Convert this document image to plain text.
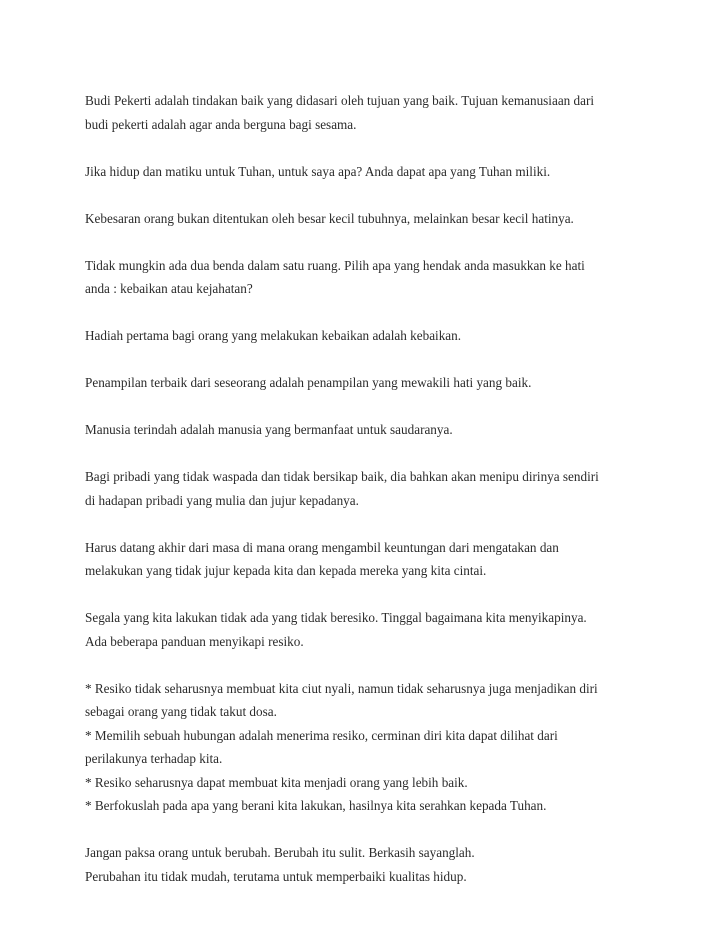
Budi Pekerti adalah tindakan baik yang didasari oleh tujuan yang baik. Tujuan kemanusiaan dari
budi pekerti adalah agar anda berguna bagi sesama.

Jika hidup dan matiku untuk Tuhan, untuk saya apa? Anda dapat apa yang Tuhan miliki.

Kebesaran orang bukan ditentukan oleh besar kecil tubuhnya, melainkan besar kecil hatinya.

Tidak mungkin ada dua benda dalam satu ruang. Pilih apa yang hendak anda masukkan ke hati
anda : kebaikan atau kejahatan?

Hadiah pertama bagi orang yang melakukan kebaikan adalah kebaikan.

Penampilan terbaik dari seseorang adalah penampilan yang mewakili hati yang baik.

Manusia terindah adalah manusia yang bermanfaat untuk saudaranya.

Bagi pribadi yang tidak waspada dan tidak bersikap baik, dia bahkan akan menipu dirinya sendiri
di hadapan pribadi yang mulia dan jujur kepadanya.

Harus datang akhir dari masa di mana orang mengambil keuntungan dari mengatakan dan
melakukan yang tidak jujur kepada kita dan kepada mereka yang kita cintai.

Segala yang kita lakukan tidak ada yang tidak beresiko. Tinggal bagaimana kita menyikapinya.
Ada beberapa panduan menyikapi resiko.

* Resiko tidak seharusnya membuat kita ciut nyali, namun tidak seharusnya juga menjadikan diri
sebagai orang yang tidak takut dosa.
* Memilih sebuah hubungan adalah menerima resiko, cerminan diri kita dapat dilihat dari
perilakunya terhadap kita.
* Resiko seharusnya dapat membuat kita menjadi orang yang lebih baik.
* Berfokuslah pada apa yang berani kita lakukan, hasilnya kita serahkan kepada Tuhan.

Jangan paksa orang untuk berubah. Berubah itu sulit. Berkasih sayanglah.
Perubahan itu tidak mudah, terutama untuk memperbaiki kualitas hidup.
